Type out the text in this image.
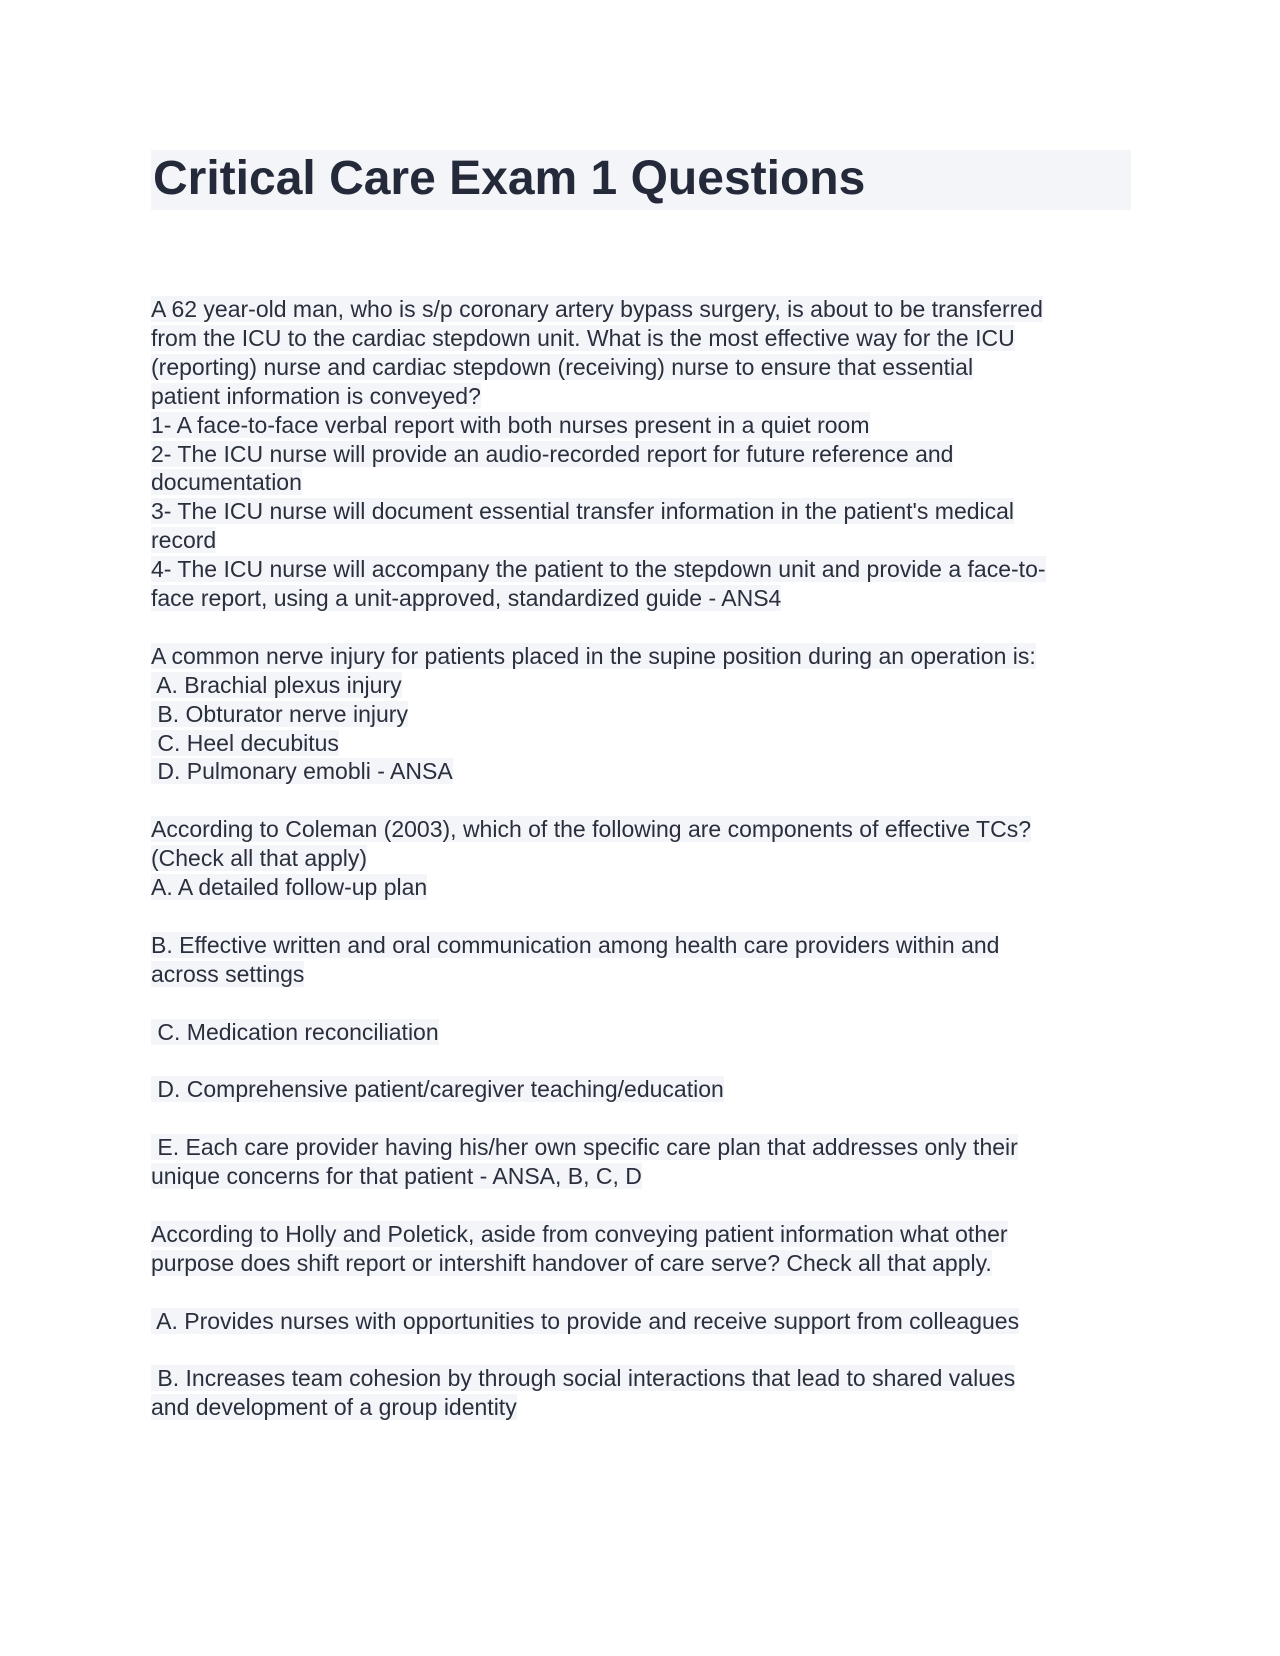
Critical Care Exam 1 Questions
A 62 year-old man, who is s/p coronary artery bypass surgery, is about to be transferred
from the ICU to the cardiac stepdown unit. What is the most effective way for the ICU
(reporting) nurse and cardiac stepdown (receiving) nurse to ensure that essential
patient information is conveyed?
1- A face-to-face verbal report with both nurses present in a quiet room
2- The ICU nurse will provide an audio-recorded report for future reference and
documentation
3- The ICU nurse will document essential transfer information in the patient's medical
record
4- The ICU nurse will accompany the patient to the stepdown unit and provide a face-to-
face report, using a unit-approved, standardized guide - ANS4
A common nerve injury for patients placed in the supine position during an operation is:
A. Brachial plexus injury
B. Obturator nerve injury
C. Heel decubitus
D. Pulmonary emobli - ANSA
According to Coleman (2003), which of the following are components of effective TCs?
(Check all that apply)
A. A detailed follow-up plan
B. Effective written and oral communication among health care providers within and
across settings
C. Medication reconciliation
D. Comprehensive patient/caregiver teaching/education
E. Each care provider having his/her own specific care plan that addresses only their
unique concerns for that patient - ANSA, B, C, D
According to Holly and Poletick, aside from conveying patient information what other
purpose does shift report or intershift handover of care serve? Check all that apply.
A. Provides nurses with opportunities to provide and receive support from colleagues
B. Increases team cohesion by through social interactions that lead to shared values
and development of a group identity
